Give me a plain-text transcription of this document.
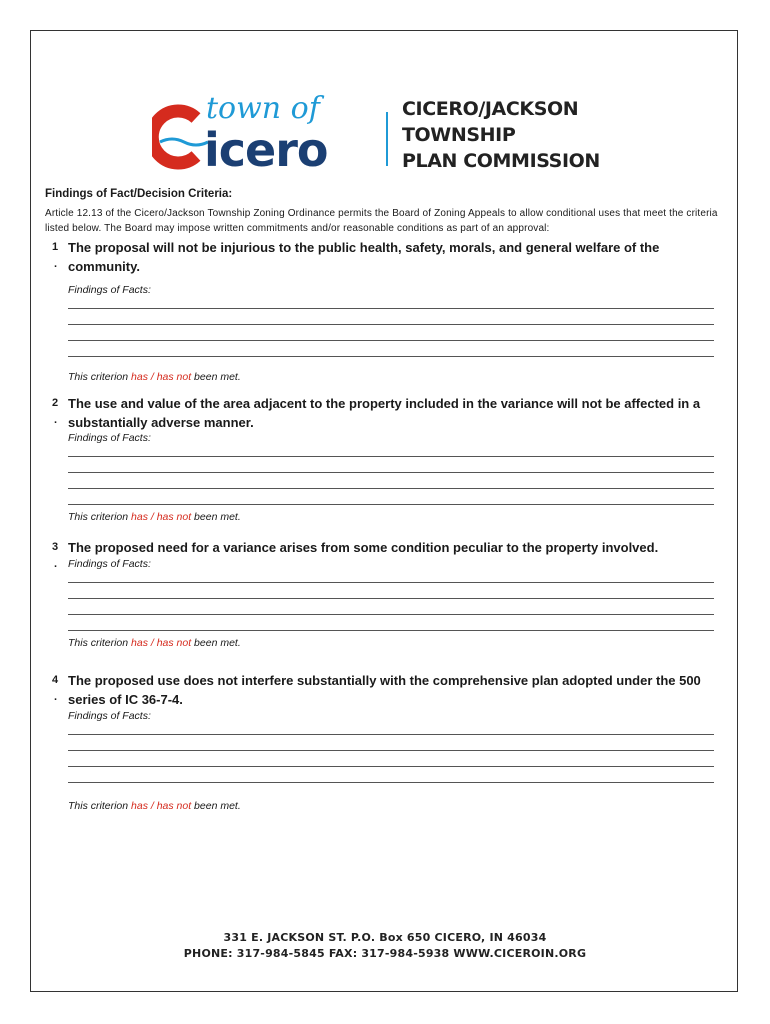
town of
icero
CICERO/JACKSON
TOWNSHIP
PLAN COMMISSION
Findings of Fact/Decision Criteria:
Article 12.13 of the Cicero/Jackson Township Zoning Ordinance permits the Board of Zoning Appeals to allow conditional uses that meet the criteria listed below. The Board may impose written commitments and/or reasonable conditions as part of an approval:
1
.
The proposal will not be injurious to the public health, safety, morals, and general welfare of the community.
Findings of Facts:
This criterion has / has not been met.
2
.
The use and value of the area adjacent to the property included in the variance will not be affected in a substantially adverse manner.
Findings of Facts:
This criterion has / has not been met.
3
.
The proposed need for a variance arises from some condition peculiar to the property involved.
Findings of Facts:
This criterion has / has not been met.
4
.
The proposed use does not interfere substantially with the comprehensive plan adopted under the 500 series of IC 36-7-4.
Findings of Facts:
This criterion has / has not been met.
331 E. JACKSON ST. P.O. Box 650 CICERO, IN 46034
PHONE: 317-984-5845 FAX: 317-984-5938 WWW.CICEROIN.ORG
